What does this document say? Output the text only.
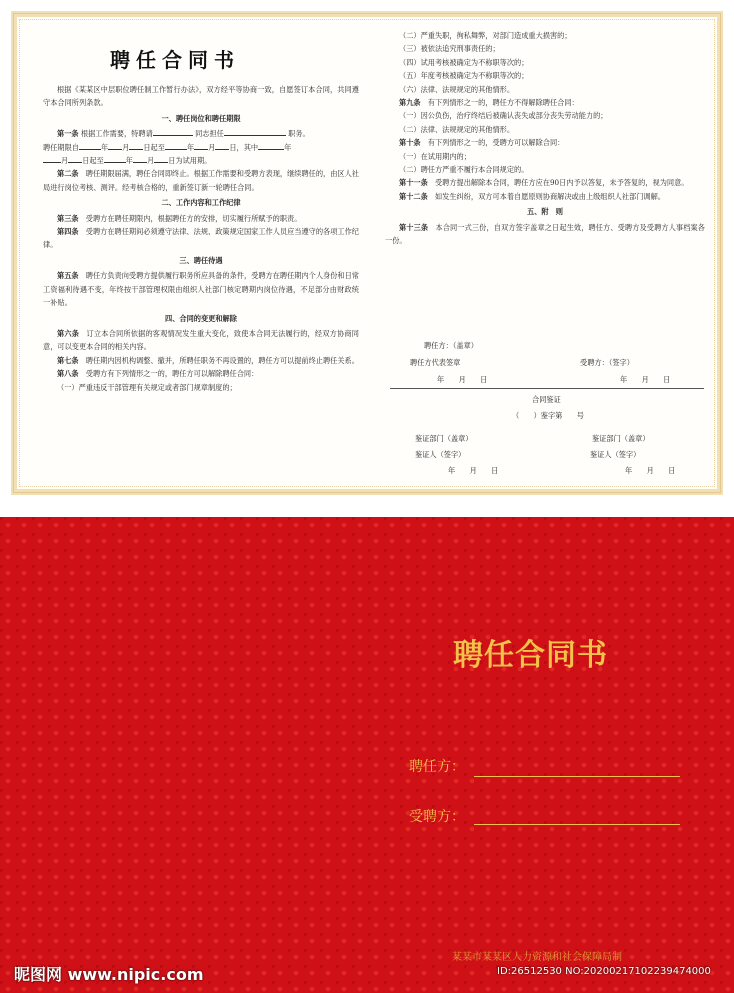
聘任合同书

根据《某某区中层职位聘任制工作暂行办法》，双方经平等协商一致，自愿签订本合同，共同遵守本合同所列条款。

一、聘任岗位和聘任期限

第一条 根据工作需要，特聘请	同志担任	职务。

聘任期限自	年 月 日起至	年 月 日，其中	年
月 日起至	年 月 日为试用期。

第二条　 聘任期限届满，聘任合同即终止。根据工作需要和受聘方表现，继续聘任的，由区人社局进行岗位考核、测评。经考核合格的，重新签订新一轮聘任合同。

二、工作内容和工作纪律

第三条　 受聘方在聘任期限内，根据聘任方的安排，切实履行所赋予的职责。

第四条　 受聘方在聘任期间必须遵守法律、法规、政策规定国家工作人员应当遵守的各项工作纪律。

三、聘任待遇

第五条　 聘任方负责向受聘方提供履行职务所应具备的条件，受聘方在聘任期内个人身份和日常工资福利待遇不变，年终按干部管理权限由组织人社部门核定聘期内岗位待遇，不足部分由财政统一补贴。

四、合同的变更和解除

第六条　 订立本合同所依据的客观情况发生重大变化，致使本合同无法履行的，经双方协商同意，可以变更本合同的相关内容。

第七条　 聘任期内因机构调整、撤并，所聘任职务不再设置的，聘任方可以提前终止聘任关系。

第八条　 受聘方有下列情形之一的，聘任方可以解除聘任合同：

（一）严重违反干部管理有关规定或者部门规章制度的；

（二）严重失职，徇私舞弊，对部门造成重大损害的；

（三）被依法追究刑事责任的；

（四）试用考核被确定为不称职等次的；

（五）年度考核被确定为不称职等次的；

（六）法律、法规规定的其他情形。

第九条　 有下列情形之一的，聘任方不得解除聘任合同：

（一）因公负伤，治疗终结后被确认丧失或部分丧失劳动能力的；

（二）法律、法规规定的其他情形。

第十条　 有下列情形之一的，受聘方可以解除合同：

（一）在试用期内的；

（二）聘任方严重不履行本合同规定的。

第十一条　 受聘方提出解除本合同，聘任方应在90日内予以答复，未予答复的，视为同意。

第十二条　 如发生纠纷，双方可本着自愿原则协商解决或由上级组织人社部门调解。

五、附　则

第十三条　 本合同一式三份，自双方签字盖章之日起生效，聘任方、受聘方及受聘方人事档案各一份。

聘任方：（盖章）
聘任方代表签章	受聘方：（签字）
年　　月　　日	年　　月　　日
合同鉴证
（　　）鉴字第　　号
鉴证部门（盖章）	鉴证部门（盖章）
鉴证人（签字）	鉴证人（签字）
年　　月　　日	年　　月　　日
聘任合同书
聘任方：
受聘方：
某某市某某区人力资源和社会保障局制
昵图网 www.nipic.com	ID:26512530 NO:20200217102239474000
